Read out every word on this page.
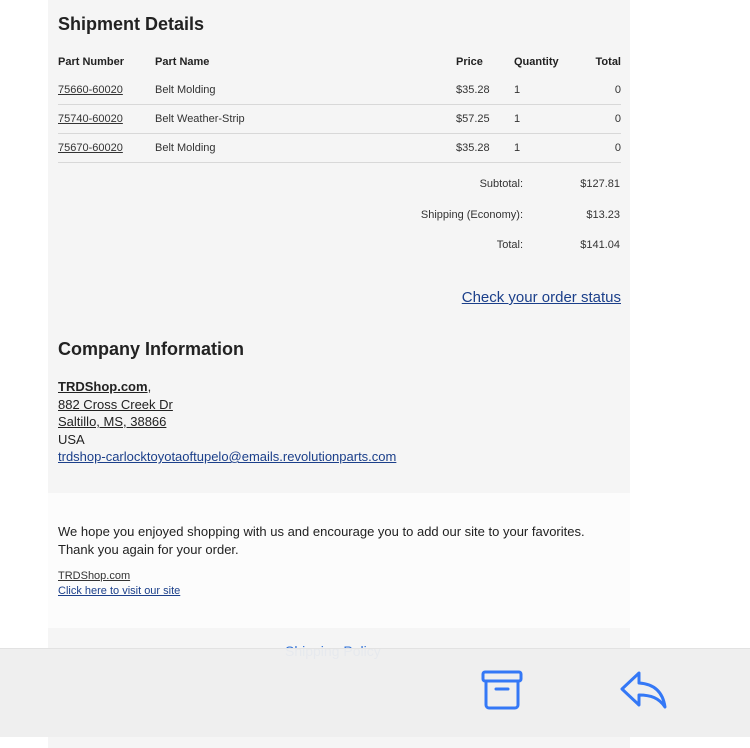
Shipment Details
Part Number	Part Name	Price	Quantity	Total
75660-60020	Belt Molding	$35.28	1	0
75740-60020	Belt Weather-Strip	$57.25	1	0
75670-60020	Belt Molding	$35.28	1	0
Subtotal:	$127.81
Shipping (Economy):	$13.23
Total:	$141.04
Check your order status
Company Information
TRDShop.com,
882 Cross Creek Dr
Saltillo, MS, 38866
USA
trdshop-carlocktoyotaoftupelo@emails.revolutionparts.com
We hope you enjoyed shopping with us and encourage you to add our site to your favorites.
Thank you again for your order.
TRDShop.com
Click here to visit our site
